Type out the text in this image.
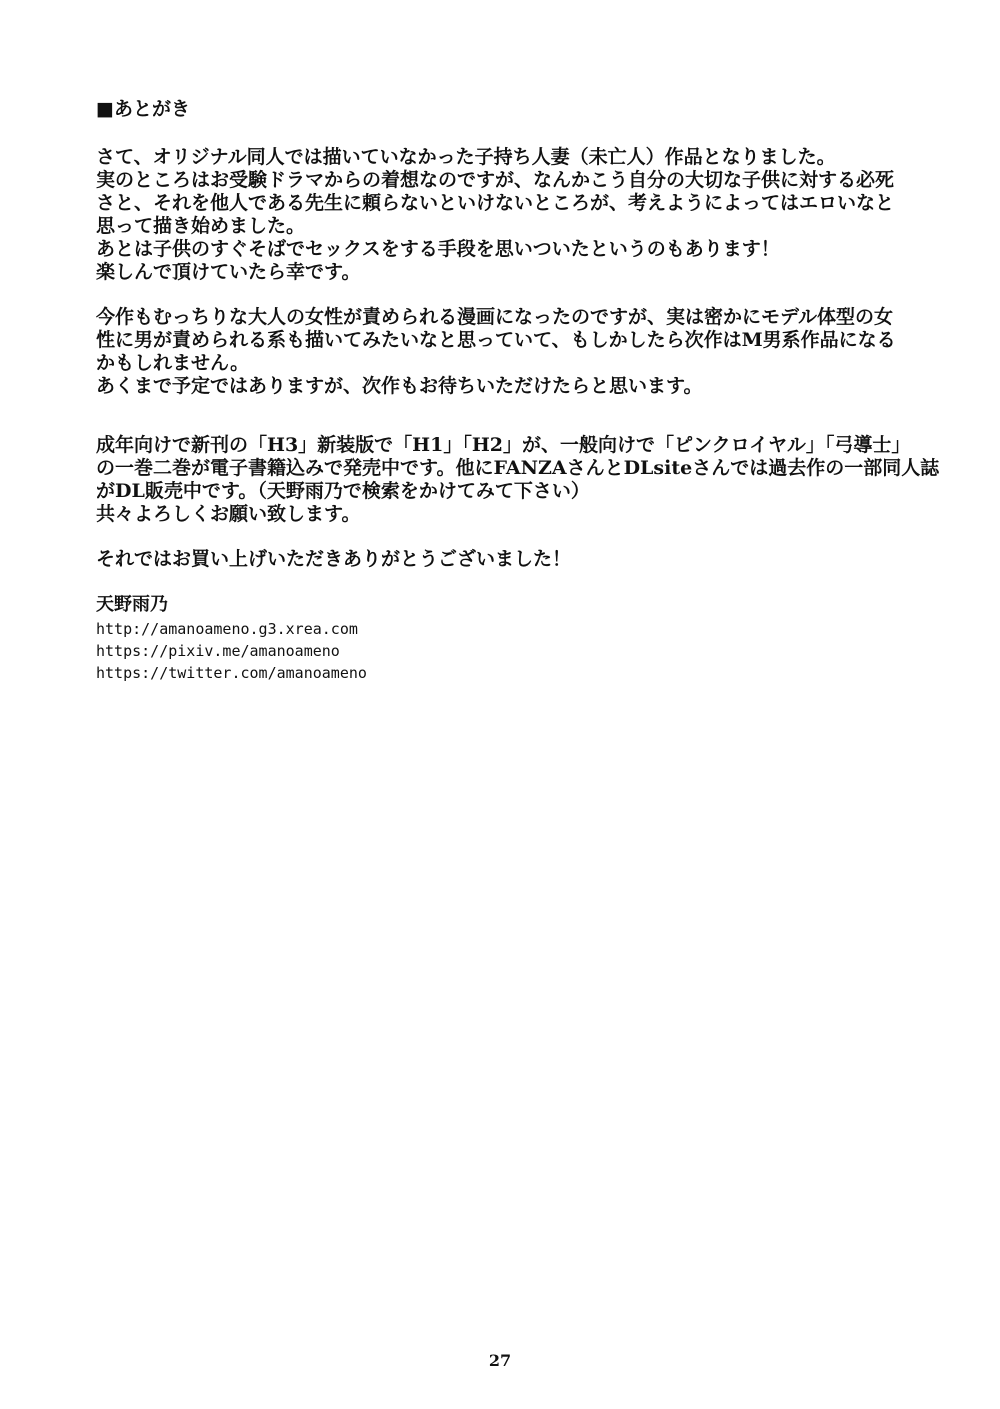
■あとがき
さて、オリジナル同人では描いていなかった子持ち人妻（未亡人）作品となりました。
実のところはお受験ドラマからの着想なのですが、なんかこう自分の大切な子供に対する必死
さと、それを他人である先生に頼らないといけないところが、考えようによってはエロいなと
思って描き始めました。
あとは子供のすぐそばでセックスをする手段を思いついたというのもあります！
楽しんで頂けていたら幸です。
今作もむっちりな大人の女性が責められる漫画になったのですが、実は密かにモデル体型の女
性に男が責められる系も描いてみたいなと思っていて、もしかしたら次作はM男系作品になる
かもしれません。
あくまで予定ではありますが、次作もお待ちいただけたらと思います。
成年向けで新刊の「H3」新装版で「H1」「H2」が、一般向けで「ピンクロイヤル」「弓導士」
の一巻二巻が電子書籍込みで発売中です。他にFANZAさんとDLsiteさんでは過去作の一部同人誌
がDL販売中です。（天野雨乃で検索をかけてみて下さい）
共々よろしくお願い致します。
それではお買い上げいただきありがとうございました！
天野雨乃
http://amanoameno.g3.xrea.com
https://pixiv.me/amanoameno
https://twitter.com/amanoameno
27
